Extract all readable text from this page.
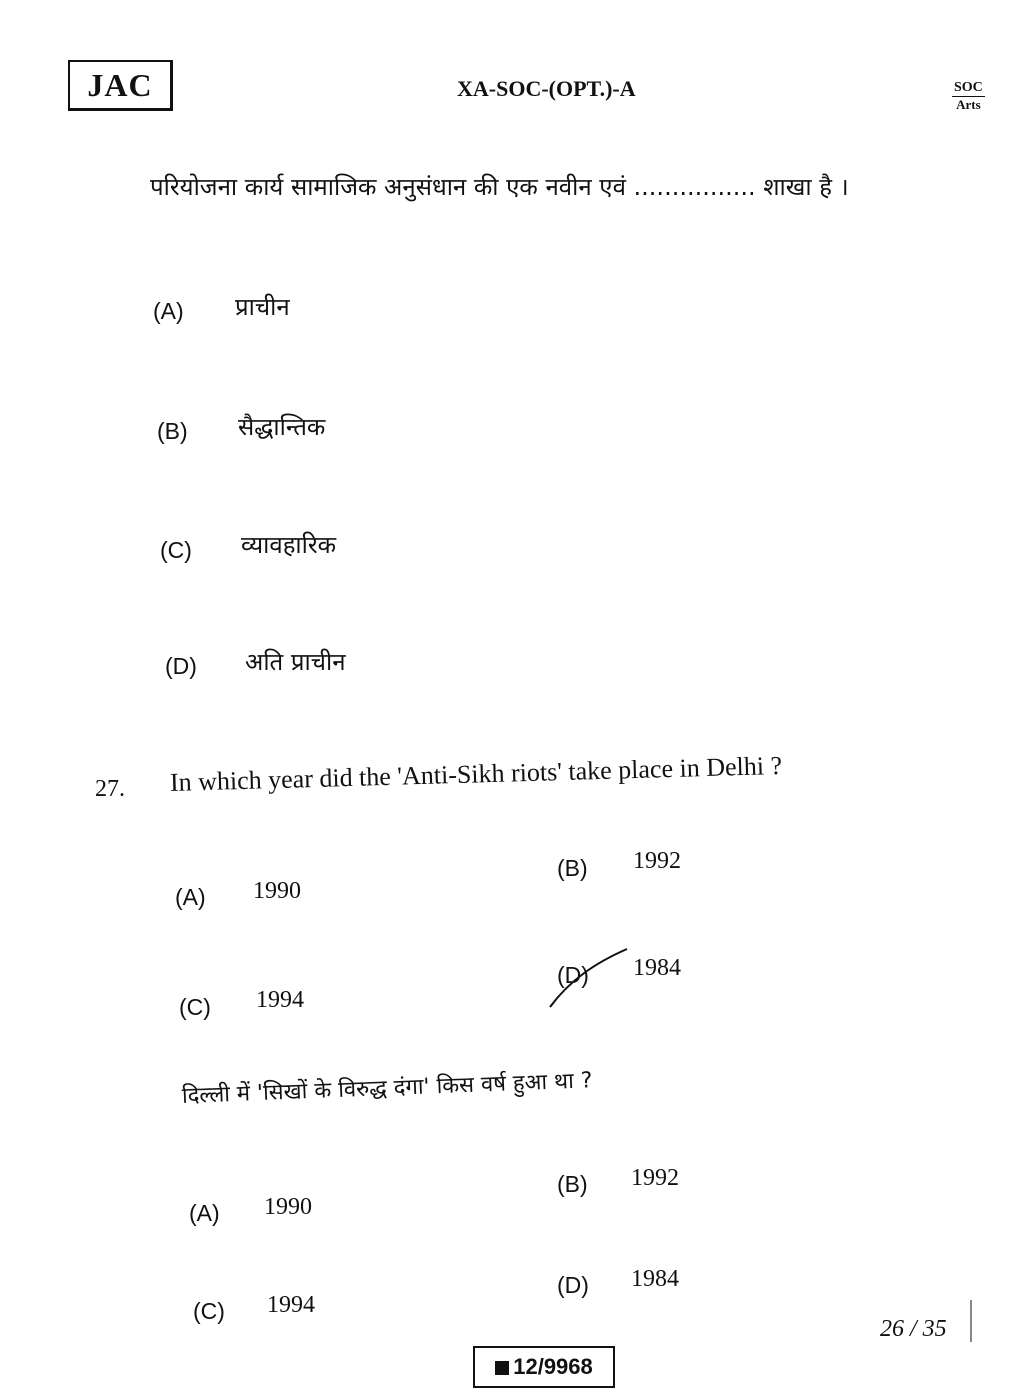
JAC	XA-SOC-(OPT.)-A	SOC
Arts
परियोजना कार्य सामाजिक अनुसंधान की एक नवीन एवं ................ शाखा है ।
(A) प्राचीन
(B) सैद्धान्तिक
(C) व्यावहारिक
(D) अति प्राचीन
27. In which year did the 'Anti-Sikh riots' take place in Delhi ?
(A) 1990
(B) 1992
(C) 1994
(D) 1984
दिल्ली में 'सिखों के विरुद्ध दंगा' किस वर्ष हुआ था ?
(A) 1990
(B) 1992
(C) 1994
(D) 1984
26 / 35
12/9968
